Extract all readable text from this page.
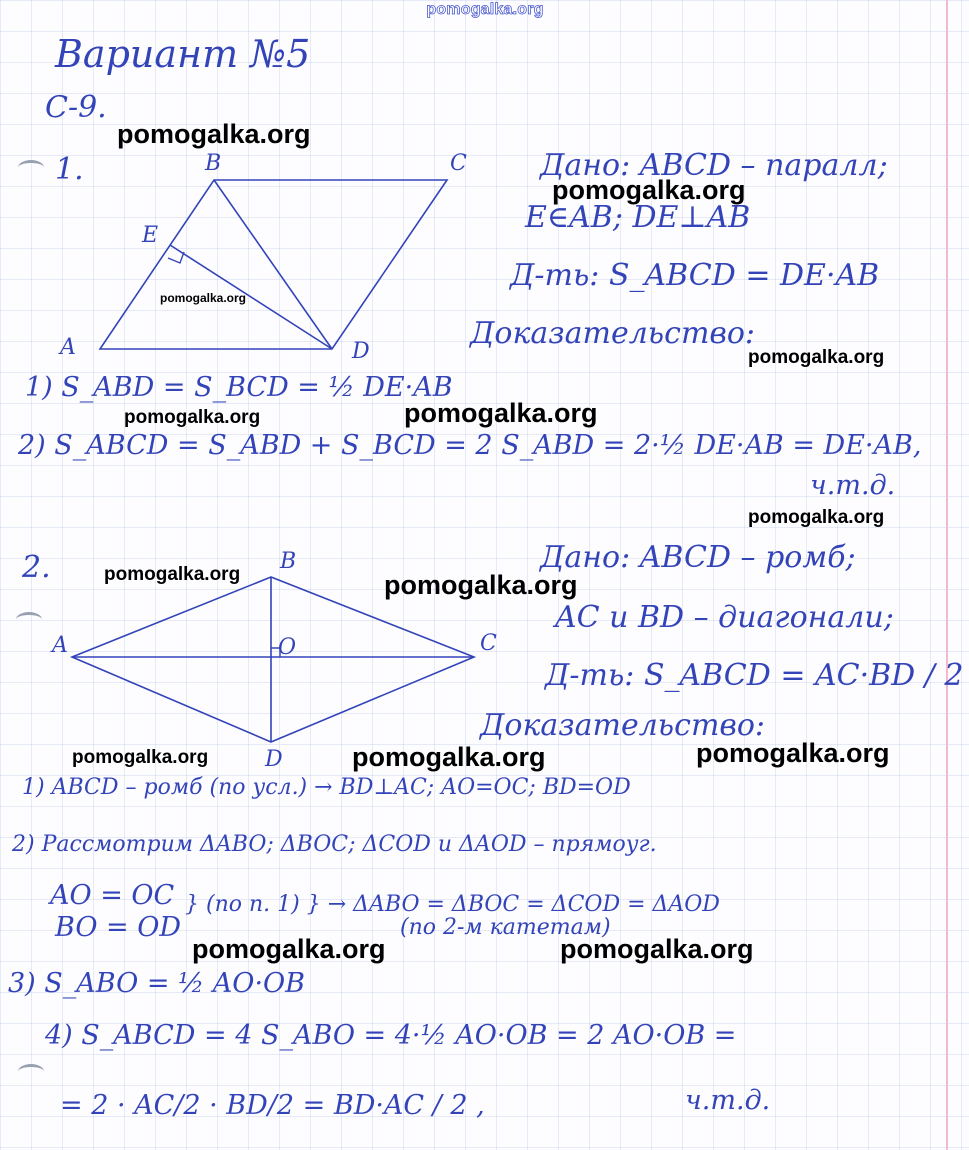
pomogalka.org
Вариант №5
С-9.
1.
A
B	C
D
E
Дано: ABCD – паралл;
E∈AB; DE⊥AB
Д-ть: S_ABCD = DE·AB
Доказательство:
1) S_ABD = S_BCD = ½ DE·AB
2) S_ABCD = S_ABD + S_BCD = 2 S_ABD = 2·½ DE·AB = DE·AB,
ч.т.д.
2.
A
B
C
D
O
Дано: ABCD – ромб;
AC и BD – диагонали;
Д-ть: S_ABCD = AC·BD / 2
Доказательство:
1) ABCD – ромб (по усл.) → BD⊥AC; AO=OC; BD=OD
2) Рассмотрим ΔABO; ΔBOC; ΔCOD и ΔAOD – прямоуг.
AO = OC
BO = OD
} (по п. 1) } → ΔABO = ΔBOC = ΔCOD = ΔAOD
(по 2-м катетам)
3) S_ABO = ½ AO·OB
4) S_ABCD = 4 S_ABO = 4·½ AO·OB = 2 AO·OB =
= 2 · AC/2 · BD/2 = BD·AC / 2 ,	ч.т.д.
pomogalka.org
pomogalka.org
pomogalka.org
pomogalka.org
pomogalka.org	pomogalka.org
pomogalka.org
pomogalka.org	pomogalka.org
pomogalka.org	pomogalka.org	pomogalka.org
pomogalka.org	pomogalka.org
